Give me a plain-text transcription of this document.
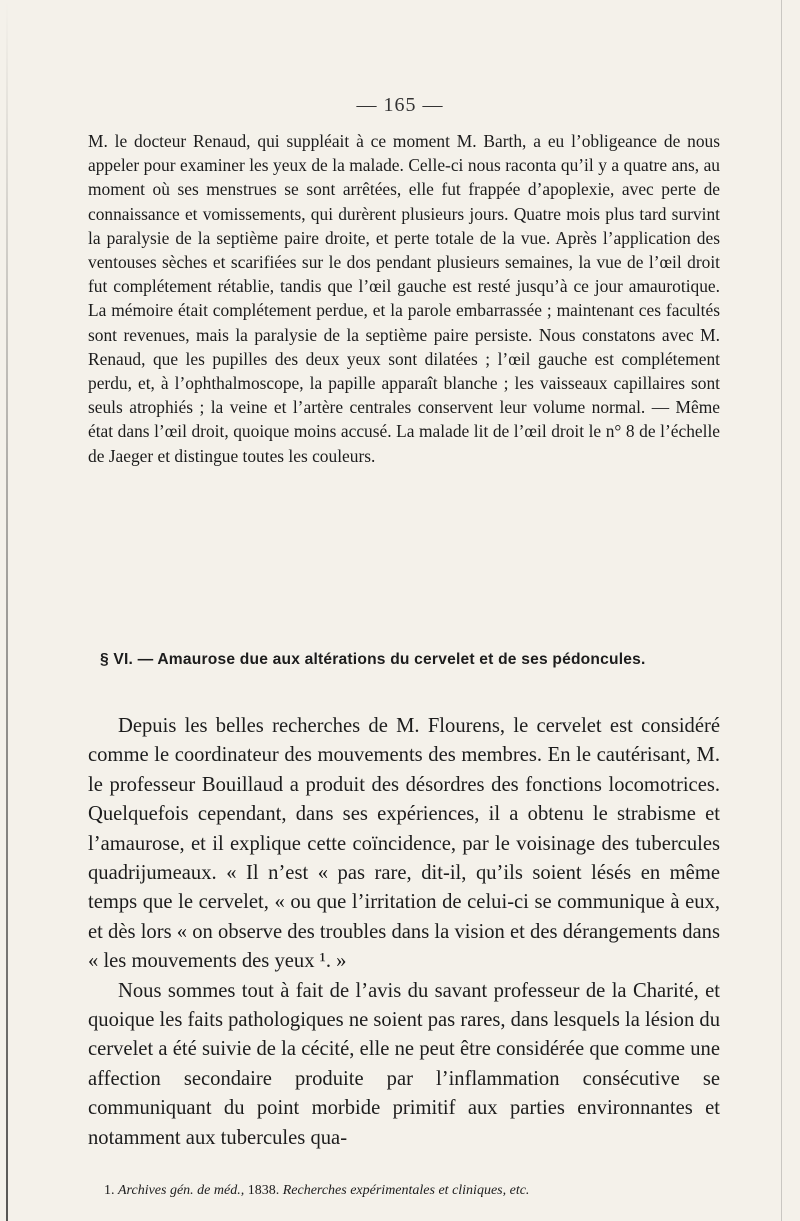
— 165 —

M. le docteur Renaud, qui suppléait à ce moment M. Barth, a eu l’obligeance de nous appeler pour examiner les yeux de la malade. Celle-ci nous raconta qu’il y a quatre ans, au moment où ses menstrues se sont arrêtées, elle fut frappée d’apoplexie, avec perte de connaissance et vomissements, qui durèrent plusieurs jours. Quatre mois plus tard survint la paralysie de la septième paire droite, et perte totale de la vue. Après l’application des ventouses sèches et scarifiées sur le dos pendant plusieurs semaines, la vue de l’œil droit fut complétement rétablie, tandis que l’œil gauche est resté jusqu’à ce jour amaurotique. La mémoire était complétement perdue, et la parole embarrassée ; maintenant ces facultés sont revenues, mais la paralysie de la septième paire persiste. Nous constatons avec M. Renaud, que les pupilles des deux yeux sont dilatées ; l’œil gauche est complétement perdu, et, à l’ophthalmoscope, la papille apparaît blanche ; les vaisseaux capillaires sont seuls atrophiés ; la veine et l’artère centrales conservent leur volume normal. — Même état dans l’œil droit, quoique moins accusé. La malade lit de l’œil droit le n° 8 de l’échelle de Jaeger et distingue toutes les couleurs.

§ VI. — Amaurose due aux altérations du cervelet et de ses pédoncules.

Depuis les belles recherches de M. Flourens, le cervelet est considéré comme le coordinateur des mouvements des membres. En le cautérisant, M. le professeur Bouillaud a produit des désordres des fonctions locomotrices. Quelquefois cependant, dans ses expériences, il a obtenu le strabisme et l’amaurose, et il explique cette coïncidence, par le voisinage des tubercules quadrijumeaux. « Il n’est « pas rare, dit-il, qu’ils soient lésés en même temps que le cervelet, « ou que l’irritation de celui-ci se communique à eux, et dès lors « on observe des troubles dans la vision et des dérangements dans « les mouvements des yeux ¹. »

Nous sommes tout à fait de l’avis du savant professeur de la Charité, et quoique les faits pathologiques ne soient pas rares, dans lesquels la lésion du cervelet a été suivie de la cécité, elle ne peut être considérée que comme une affection secondaire produite par l’inflammation consécutive se communiquant du point morbide primitif aux parties environnantes et notamment aux tubercules qua-

1. Archives gén. de méd., 1838. Recherches expérimentales et cliniques, etc.
